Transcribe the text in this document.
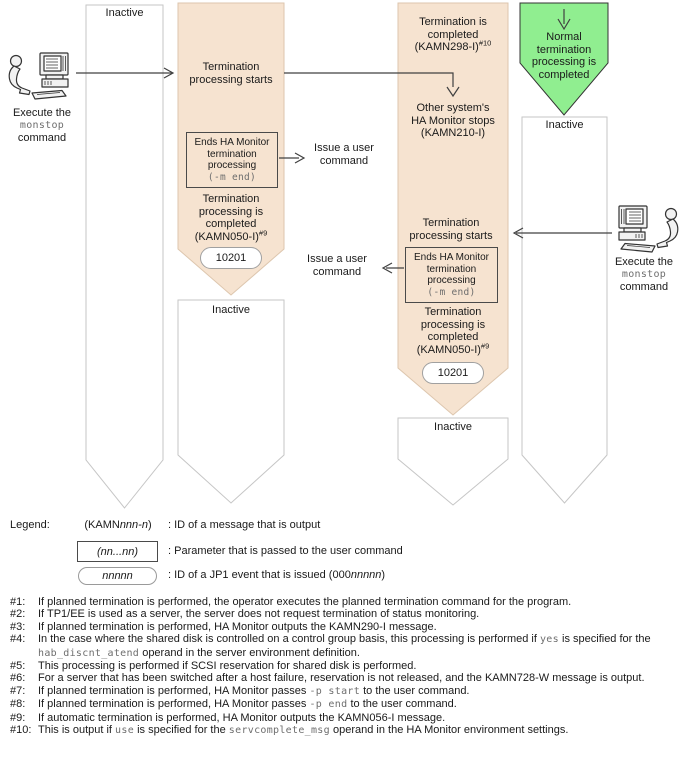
Inactive
Termination
processing starts
Ends HA Monitor
termination
processing
(-m end)
Issue a user
command
Termination
processing is
completed
(KAMN050-I)$^{\#9}$
10201
Inactive
Termination is
completed
(KAMN298-I)$^{\#10}$
Other system's
HA Monitor stops
(KAMN210-I)
Termination
processing starts
Ends HA Monitor
termination
processing
(-m end)
Issue a user
command
Termination
processing is
completed
(KAMN050-I)$^{\#9}$
10201
Inactive
Normal
termination
processing is
completed
Inactive
Execute the
monstop
command
Execute the
monstop
command
Legend:	(KAMNnnn-n)	: ID of a message that is output
(nn...nn)	: Parameter that is passed to the user command
nnnnn	: ID of a JP1 event that is issued (000nnnnn)
#1:	If planned termination is performed, the operator executes the planned termination command for the program.
#2:	If TP1/EE is used as a server, the server does not request termination of status monitoring.
#3:	If planned termination is performed, HA Monitor outputs the KAMN290-I message.
#4:	In the case where the shared disk is controlled on a control group basis, this processing is performed if yes is specified for the hab_discnt_atend operand in the server environment definition.
#5:	This processing is performed if SCSI reservation for shared disk is performed.
#6:	For a server that has been switched after a host failure, reservation is not released, and the KAMN728-W message is output.
#7:	If planned termination is performed, HA Monitor passes -p start to the user command.
#8:	If planned termination is performed, HA Monitor passes -p end to the user command.
#9:	If automatic termination is performed, HA Monitor outputs the KAMN056-I message.
#10: This is output if use is specified for the servcomplete_msg operand in the HA Monitor environment settings.
